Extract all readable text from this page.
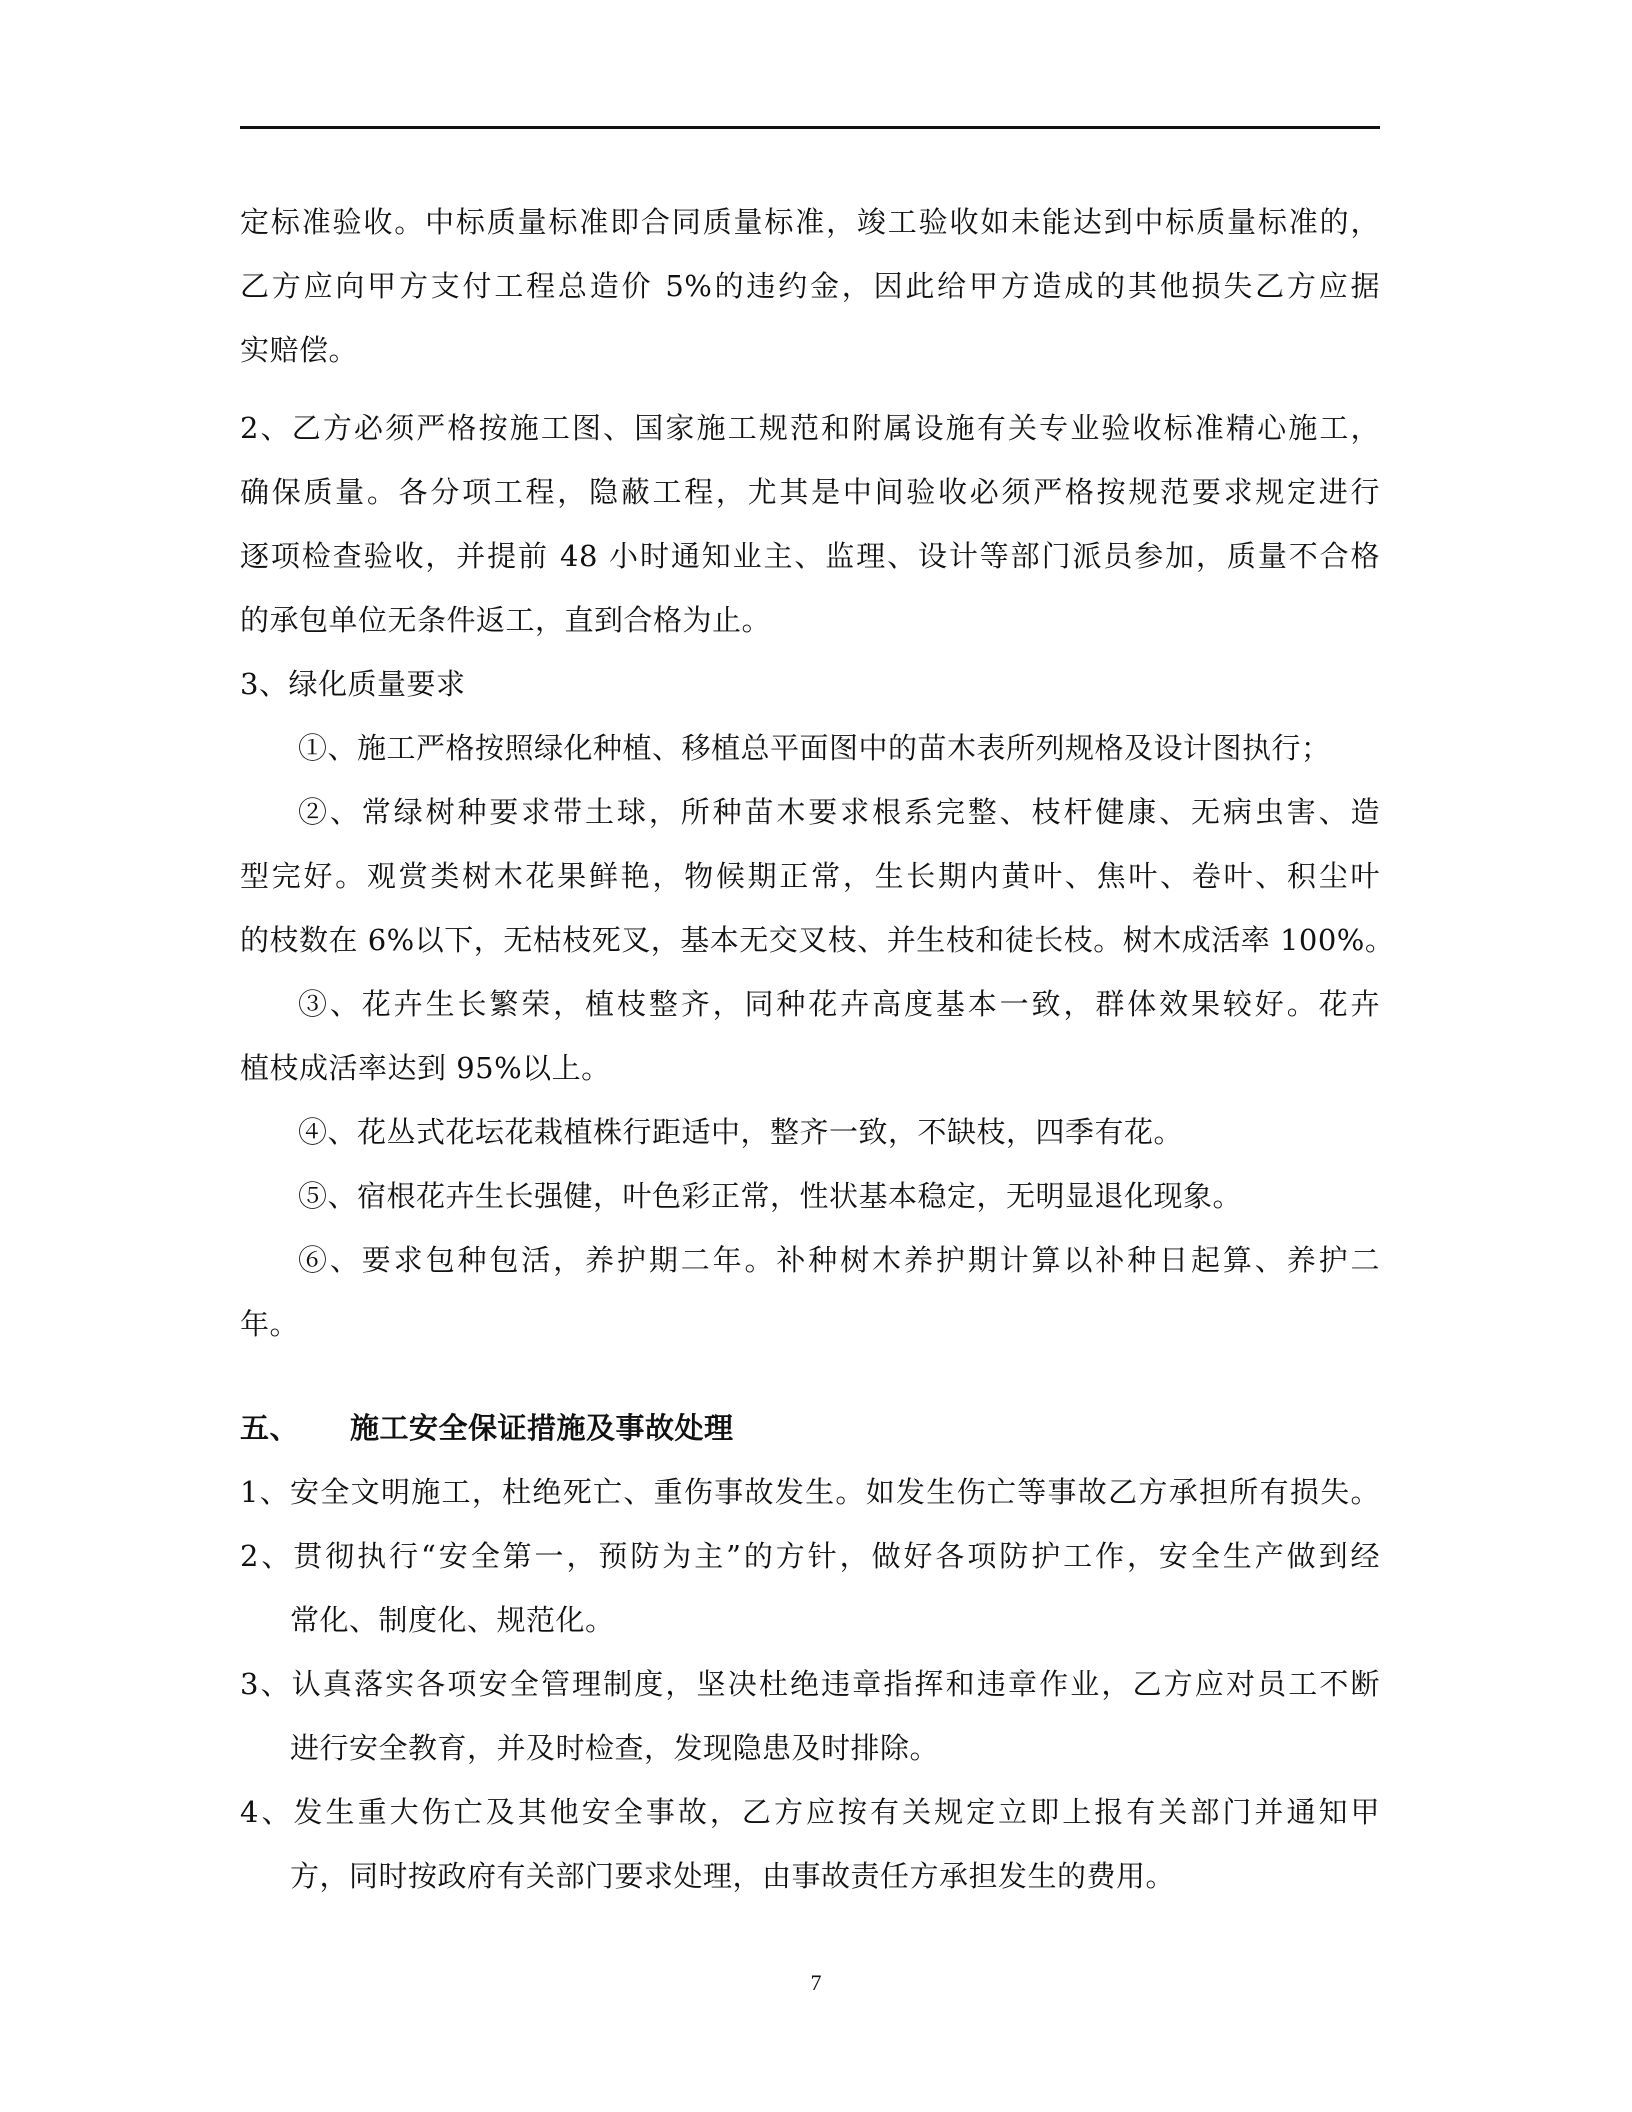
定标准验收。中标质量标准即合同质量标准，竣工验收如未能达到中标质量标准的，
乙方应向甲方支付工程总造价 5%的违约金，因此给甲方造成的其他损失乙方应据
实赔偿。
2、乙方必须严格按施工图、国家施工规范和附属设施有关专业验收标准精心施工，
确保质量。各分项工程，隐蔽工程，尤其是中间验收必须严格按规范要求规定进行
逐项检查验收，并提前 48 小时通知业主、监理、设计等部门派员参加，质量不合格
的承包单位无条件返工，直到合格为止。
3、绿化质量要求
①、施工严格按照绿化种植、移植总平面图中的苗木表所列规格及设计图执行；
②、常绿树种要求带土球，所种苗木要求根系完整、枝杆健康、无病虫害、造
型完好。观赏类树木花果鲜艳，物候期正常，生长期内黄叶、焦叶、卷叶、积尘叶
的枝数在 6%以下，无枯枝死叉，基本无交叉枝、并生枝和徒长枝。树木成活率 100%。
③、花卉生长繁荣，植枝整齐，同种花卉高度基本一致，群体效果较好。花卉
植枝成活率达到 95%以上。
④、花丛式花坛花栽植株行距适中，整齐一致，不缺枝，四季有花。
⑤、宿根花卉生长强健，叶色彩正常，性状基本稳定，无明显退化现象。
⑥、要求包种包活，养护期二年。补种树木养护期计算以补种日起算、养护二
年。
五、 施工安全保证措施及事故处理
1、安全文明施工，杜绝死亡、重伤事故发生。如发生伤亡等事故乙方承担所有损失。
2、贯彻执行“安全第一，预防为主”的方针，做好各项防护工作，安全生产做到经
常化、制度化、规范化。
3、认真落实各项安全管理制度，坚决杜绝违章指挥和违章作业，乙方应对员工不断
进行安全教育，并及时检查，发现隐患及时排除。
4、发生重大伤亡及其他安全事故，乙方应按有关规定立即上报有关部门并通知甲
方，同时按政府有关部门要求处理，由事故责任方承担发生的费用。
7
